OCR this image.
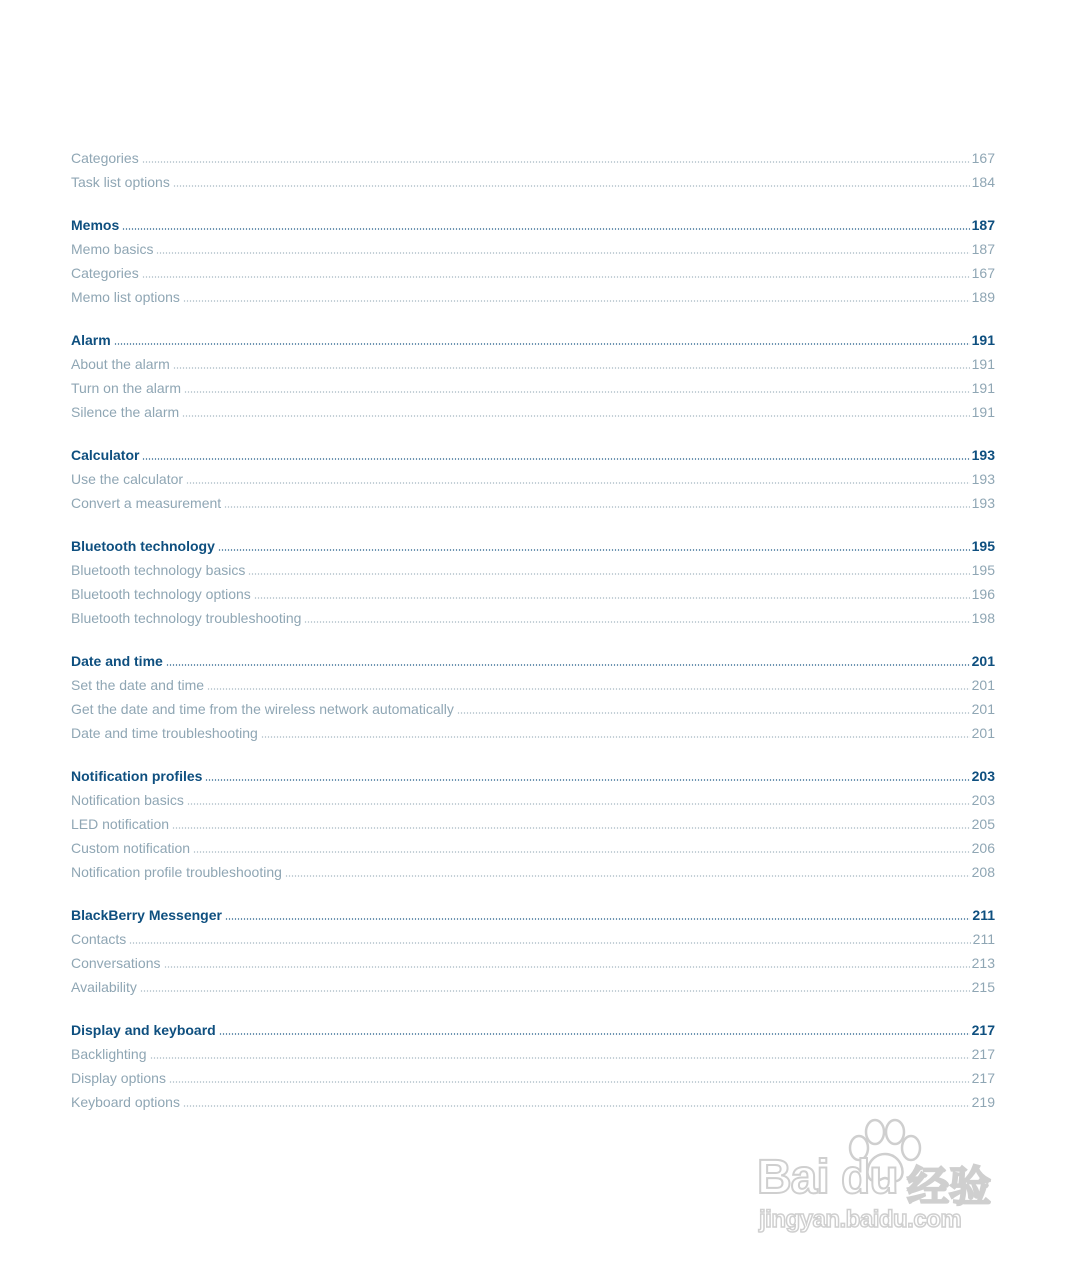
Categories	167
Task list options	184
Memos	187
Memo basics	187
Categories	167
Memo list options	189
Alarm	191
About the alarm	191
Turn on the alarm	191
Silence the alarm	191
Calculator	193
Use the calculator	193
Convert a measurement	193
Bluetooth technology	195
Bluetooth technology basics	195
Bluetooth technology options	196
Bluetooth technology troubleshooting	198
Date and time	201
Set the date and time	201
Get the date and time from the wireless network automatically	201
Date and time troubleshooting	201
Notification profiles	203
Notification basics	203
LED notification	205
Custom notification	206
Notification profile troubleshooting	208
BlackBerry Messenger	211
Contacts	211
Conversations	213
Availability	215
Display and keyboard	217
Backlighting	217
Display options	217
Keyboard options	219
Bai du 经验
jingyan.baidu.com
